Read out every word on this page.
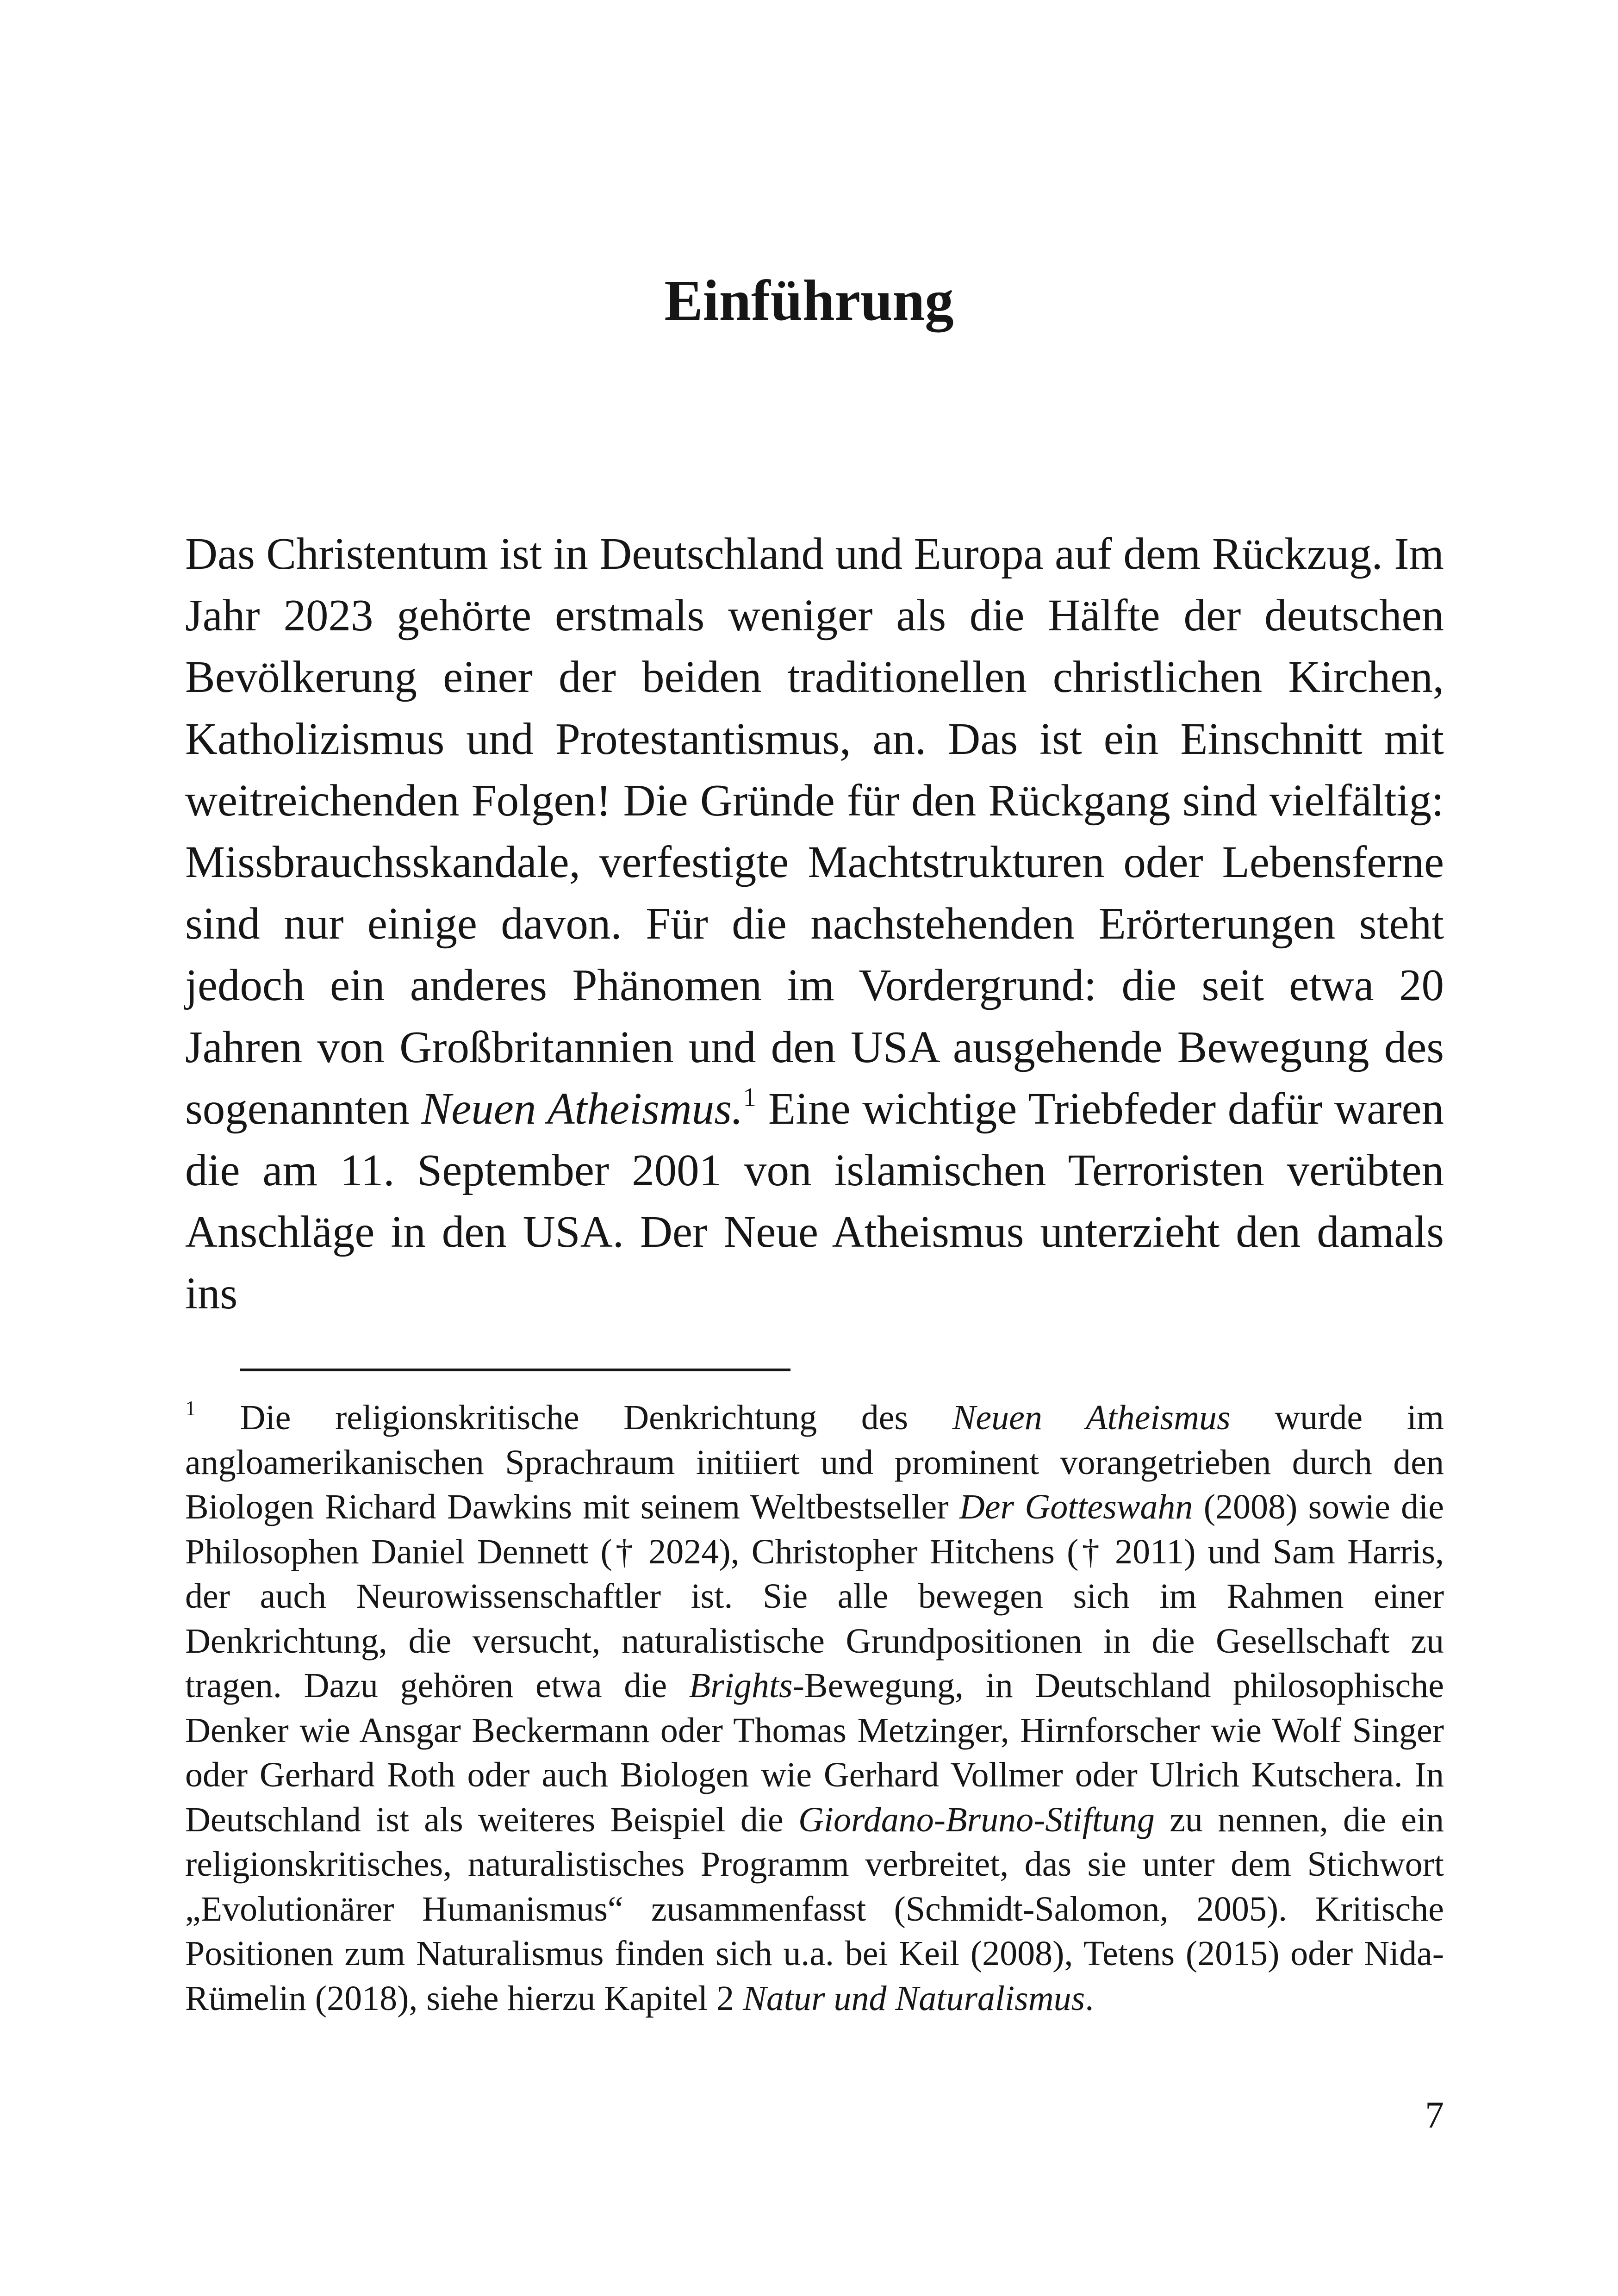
Einführung

Das Christentum ist in Deutschland und Europa auf dem Rückzug. Im Jahr 2023 gehörte erstmals weniger als die Hälfte der deutschen Bevölkerung einer der beiden traditionellen christlichen Kirchen, Katholizismus und Protestantismus, an. Das ist ein Einschnitt mit weitreichenden Folgen! Die Gründe für den Rückgang sind vielfältig: Missbrauchsskandale, verfestigte Machtstrukturen oder Lebensferne sind nur einige davon. Für die nachstehenden Erörterungen steht jedoch ein anderes Phänomen im Vordergrund: die seit etwa 20 Jahren von Großbritannien und den USA ausgehende Bewegung des sogenannten Neuen Atheismus.$^1$ Eine wichtige Triebfeder dafür waren die am 11. September 2001 von islamischen Terroristen verübten Anschläge in den USA. Der Neue Atheismus unterzieht den damals ins

$^1$ Die religionskritische Denkrichtung des Neuen Atheismus wurde im angloamerikanischen Sprachraum initiiert und prominent vorangetrieben durch den Biologen Richard Dawkins mit seinem Weltbestseller Der Gotteswahn (2008) sowie die Philosophen Daniel Dennett († 2024), Christopher Hitchens († 2011) und Sam Harris, der auch Neurowissenschaftler ist. Sie alle bewegen sich im Rahmen einer Denkrichtung, die versucht, naturalistische Grundpositionen in die Gesellschaft zu tragen. Dazu gehören etwa die Brights-Bewegung, in Deutschland philosophische Denker wie Ansgar Beckermann oder Thomas Metzinger, Hirnforscher wie Wolf Singer oder Gerhard Roth oder auch Biologen wie Gerhard Vollmer oder Ulrich Kutschera. In Deutschland ist als weiteres Beispiel die Giordano-Bruno-Stiftung zu nennen, die ein religionskritisches, naturalistisches Programm verbreitet, das sie unter dem Stichwort „Evolutionärer Humanismus“ zusammenfasst (Schmidt-Salomon, 2005). Kritische Positionen zum Naturalismus finden sich u.a. bei Keil (2008), Tetens (2015) oder Nida-Rümelin (2018), siehe hierzu Kapitel 2 Natur und Naturalismus.

7
